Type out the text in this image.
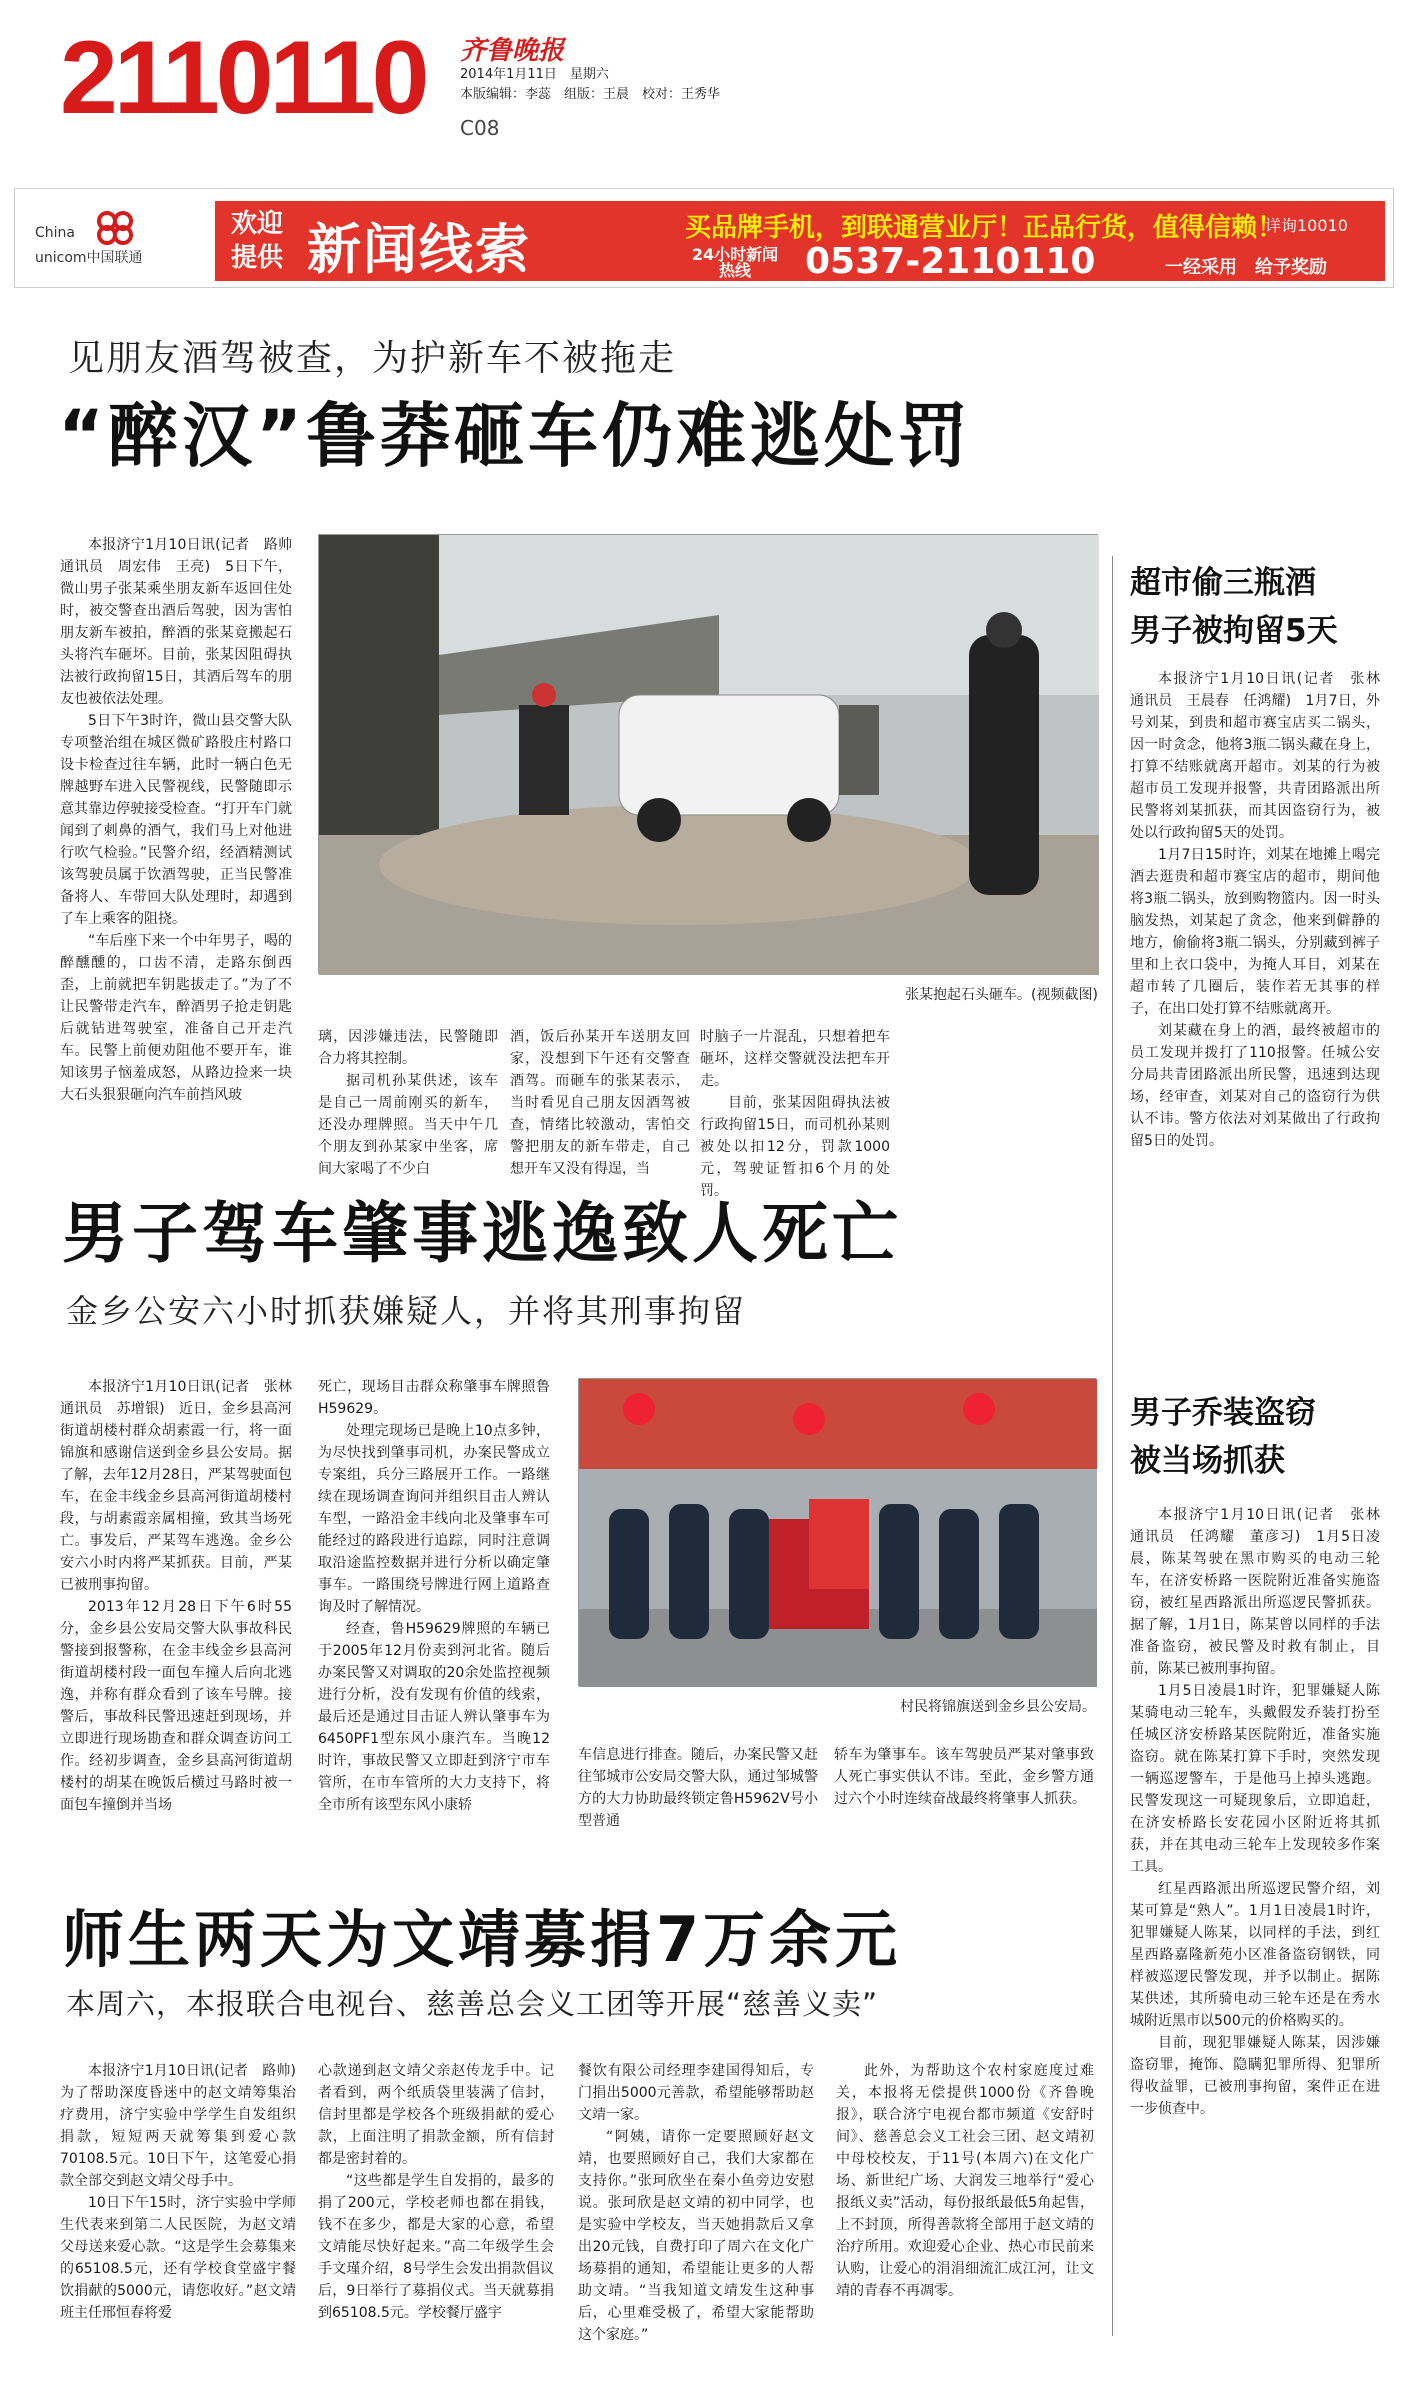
2110110 齐鲁晚报
2014年1月11日　星期六
本版编辑：李蕊　组版：王晨　校对：王秀华
C08
China
unicom中国联通
欢迎提供 新闻线索	买品牌手机，到联通营业厅！正品行货，值得信赖！
详询10010
24小时新闻热线	0537-2110110	一经采用　给予奖励
见朋友酒驾被查，为护新车不被拖走
“醉汉”鲁莽砸车仍难逃处罚

本报济宁1月10日讯(记者　路帅　通讯员　周宏伟　王亮)　5日下午，微山男子张某乘坐朋友新车返回住处时，被交警查出酒后驾驶，因为害怕朋友新车被拍，醉酒的张某竟搬起石头将汽车砸坏。目前，张某因阻碍执法被行政拘留15日，其酒后驾车的朋友也被依法处理。

5日下午3时许，微山县交警大队专项整治组在城区微矿路股庄村路口设卡检查过往车辆，此时一辆白色无牌越野车进入民警视线，民警随即示意其靠边停驶接受检查。“打开车门就闻到了刺鼻的酒气，我们马上对他进行吹气检验。”民警介绍，经酒精测试该驾驶员属于饮酒驾驶，正当民警准备将人、车带回大队处理时，却遇到了车上乘客的阻挠。

“车后座下来一个中年男子，喝的醉醺醺的，口齿不清，走路东倒西歪，上前就把车钥匙拔走了。”为了不让民警带走汽车，醉酒男子抢走钥匙后就钻进驾驶室，准备自己开走汽车。民警上前便劝阻他不要开车，谁知该男子恼羞成怒，从路边捡来一块大石头狠狠砸向汽车前挡风玻

张某抱起石头砸车。(视频截图)

璃，因涉嫌违法，民警随即合力将其控制。

据司机孙某供述，该车是自己一周前刚买的新车，还没办理牌照。当天中午几个朋友到孙某家中坐客，席间大家喝了不少白

酒，饭后孙某开车送朋友回家，没想到下午还有交警查酒驾。而砸车的张某表示，当时看见自己朋友因酒驾被查，情绪比较激动，害怕交警把朋友的新车带走，自己想开车又没有得逞，当

时脑子一片混乱，只想着把车砸坏，这样交警就没法把车开走。

目前，张某因阻碍执法被行政拘留15日，而司机孙某则被处以扣12分，罚款1000元，驾驶证暂扣6个月的处罚。

超市偷三瓶酒
男子被拘留5天

本报济宁1月10日讯(记者　张林　通讯员　王晨春　任鸿耀)　1月7日，外号刘某，到贵和超市赛宝店买二锅头，因一时贪念，他将3瓶二锅头藏在身上，打算不结账就离开超市。刘某的行为被超市员工发现并报警，共青团路派出所民警将刘某抓获，而其因盗窃行为，被处以行政拘留5天的处罚。

1月7日15时许，刘某在地摊上喝完酒去逛贵和超市赛宝店的超市，期间他将3瓶二锅头，放到购物篮内。因一时头脑发热，刘某起了贪念，他来到僻静的地方，偷偷将3瓶二锅头，分别藏到裤子里和上衣口袋中，为掩人耳目，刘某在超市转了几圈后，装作若无其事的样子，在出口处打算不结账就离开。

刘某藏在身上的酒，最终被超市的员工发现并拨打了110报警。任城公安分局共青团路派出所民警，迅速到达现场，经审查，刘某对自己的盗窃行为供认不讳。警方依法对刘某做出了行政拘留5日的处罚。

男子驾车肇事逃逸致人死亡
金乡公安六小时抓获嫌疑人，并将其刑事拘留

本报济宁1月10日讯(记者　张林　通讯员　苏增银)　近日，金乡县高河街道胡楼村群众胡素霞一行，将一面锦旗和感谢信送到金乡县公安局。据了解，去年12月28日，严某驾驶面包车，在金丰线金乡县高河街道胡楼村段，与胡素霞亲属相撞，致其当场死亡。事发后，严某驾车逃逸。金乡公安六小时内将严某抓获。目前，严某已被刑事拘留。

2013年12月28日下午6时55分，金乡县公安局交警大队事故科民警接到报警称，在金丰线金乡县高河街道胡楼村段一面包车撞人后向北逃逸，并称有群众看到了该车号牌。接警后，事故科民警迅速赶到现场，并立即进行现场勘查和群众调查访问工作。经初步调查，金乡县高河街道胡楼村的胡某在晚饭后横过马路时被一面包车撞倒并当场

死亡，现场目击群众称肇事车牌照鲁H59629。

处理完现场已是晚上10点多钟，为尽快找到肇事司机，办案民警成立专案组，兵分三路展开工作。一路继续在现场调查询问并组织目击人辨认车型，一路沿金丰线向北及肇事车可能经过的路段进行追踪，同时注意调取沿途监控数据并进行分析以确定肇事车。一路围绕号牌进行网上道路查询及时了解情况。

经查，鲁H59629牌照的车辆已于2005年12月份卖到河北省。随后办案民警又对调取的20余处监控视频进行分析，没有发现有价值的线索，最后还是通过目击证人辨认肇事车为6450PF1型东风小康汽车。当晚12时许，事故民警又立即赶到济宁市车管所，在市车管所的大力支持下，将全市所有该型东风小康轿

村民将锦旗送到金乡县公安局。

车信息进行排查。随后，办案民警又赶往邹城市公安局交警大队，通过邹城警方的大力协助最终锁定鲁H5962V号小型普通

轿车为肇事车。该车驾驶员严某对肇事致人死亡事实供认不讳。至此，金乡警方通过六个小时连续奋战最终将肇事人抓获。

男子乔装盗窃
被当场抓获

本报济宁1月10日讯(记者　张林　通讯员　任鸿耀　董彦习)　1月5日凌晨，陈某驾驶在黑市购买的电动三轮车，在济安桥路一医院附近准备实施盗窃，被红星西路派出所巡逻民警抓获。据了解，1月1日，陈某曾以同样的手法准备盗窃，被民警及时救有制止，目前，陈某已被刑事拘留。

1月5日凌晨1时许，犯罪嫌疑人陈某骑电动三轮车，头戴假发乔装打扮至任城区济安桥路某医院附近，准备实施盗窃。就在陈某打算下手时，突然发现一辆巡逻警车，于是他马上掉头逃跑。民警发现这一可疑现象后，立即追赶，在济安桥路长安花园小区附近将其抓获，并在其电动三轮车上发现较多作案工具。

红星西路派出所巡逻民警介绍，刘某可算是“熟人”。1月1日凌晨1时许，犯罪嫌疑人陈某，以同样的手法，到红星西路嘉隆新苑小区准备盗窃钢铁，同样被巡逻民警发现，并予以制止。据陈某供述，其所骑电动三轮车还是在秀水城附近黑市以500元的价格购买的。

目前，现犯罪嫌疑人陈某，因涉嫌盗窃罪，掩饰、隐瞒犯罪所得、犯罪所得收益罪，已被刑事拘留，案件正在进一步侦查中。

师生两天为文靖募捐7万余元
本周六，本报联合电视台、慈善总会义工团等开展“慈善义卖”

本报济宁1月10日讯(记者　路帅)　为了帮助深度昏迷中的赵文靖筹集治疗费用，济宁实验中学学生自发组织捐款，短短两天就筹集到爱心款70108.5元。10日下午，这笔爱心捐款全部交到赵文靖父母手中。

10日下午15时，济宁实验中学师生代表来到第二人民医院，为赵文靖父母送来爱心款。“这是学生会募集来的65108.5元，还有学校食堂盛宇餐饮捐献的5000元，请您收好。”赵文靖班主任邢恒春将爱

心款递到赵文靖父亲赵传龙手中。记者看到，两个纸质袋里装满了信封，信封里都是学校各个班级捐献的爱心款，上面注明了捐款金额，所有信封都是密封着的。

“这些都是学生自发捐的，最多的捐了200元，学校老师也都在捐钱，钱不在多少，都是大家的心意，希望文靖能尽快好起来。”高二年级学生会手文瑾介绍，8号学生会发出捐款倡议后，9日举行了募捐仪式。当天就募捐到65108.5元。学校餐厅盛宇

餐饮有限公司经理李建国得知后，专门捐出5000元善款，希望能够帮助赵文靖一家。

“阿姨，请你一定要照顾好赵文靖，也要照顾好自己，我们大家都在支持你。”张珂欣坐在秦小鱼旁边安慰说。张珂欣是赵文靖的初中同学，也是实验中学校友，当天她捐款后又拿出20元钱，自费打印了周六在文化广场募捐的通知，希望能让更多的人帮助文靖。“当我知道文靖发生这种事后，心里难受极了，希望大家能帮助这个家庭。”

此外，为帮助这个农村家庭度过难关，本报将无偿提供1000份《齐鲁晚报》，联合济宁电视台都市频道《安舒时间》、慈善总会义工社会三团、赵文靖初中母校校友，于11号(本周六)在文化广场、新世纪广场、大润发三地举行“爱心报纸义卖”活动，每份报纸最低5角起售，上不封顶，所得善款将全部用于赵文靖的治疗所用。欢迎爱心企业、热心市民前来认购，让爱心的涓涓细流汇成江河，让文靖的青春不再凋零。
